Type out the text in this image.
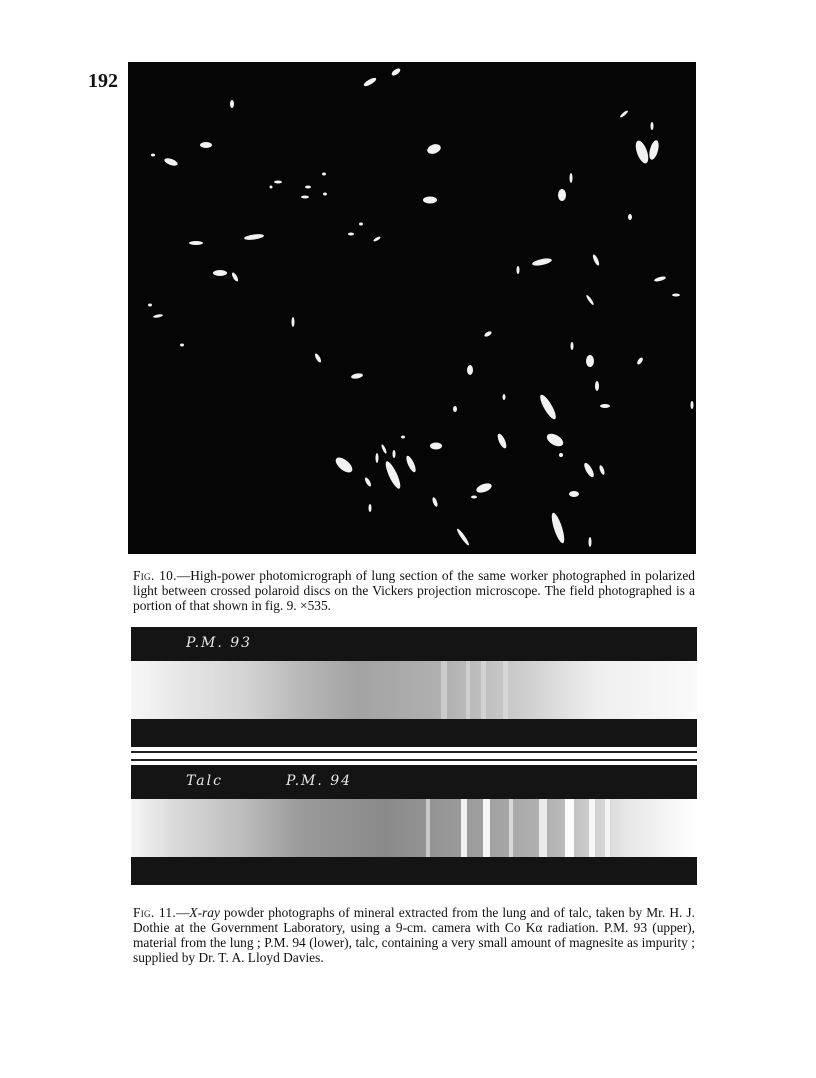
192
Fig. 10.—High-power photomicrograph of lung section of the same worker photographed in polarized light between crossed polaroid discs on the Vickers projection microscope. The field photographed is a portion of that shown in fig. 9. ×535.
P.M. 93
Talc	P.M. 94
Fig. 11.—X-ray powder photographs of mineral extracted from the lung and of talc, taken by Mr. H. J. Dothie at the Government Laboratory, using a 9-cm. camera with Co Kα radiation. P.M. 93 (upper), material from the lung ; P.M. 94 (lower), talc, containing a very small amount of magnesite as impurity ; supplied by Dr. T. A. Lloyd Davies.
